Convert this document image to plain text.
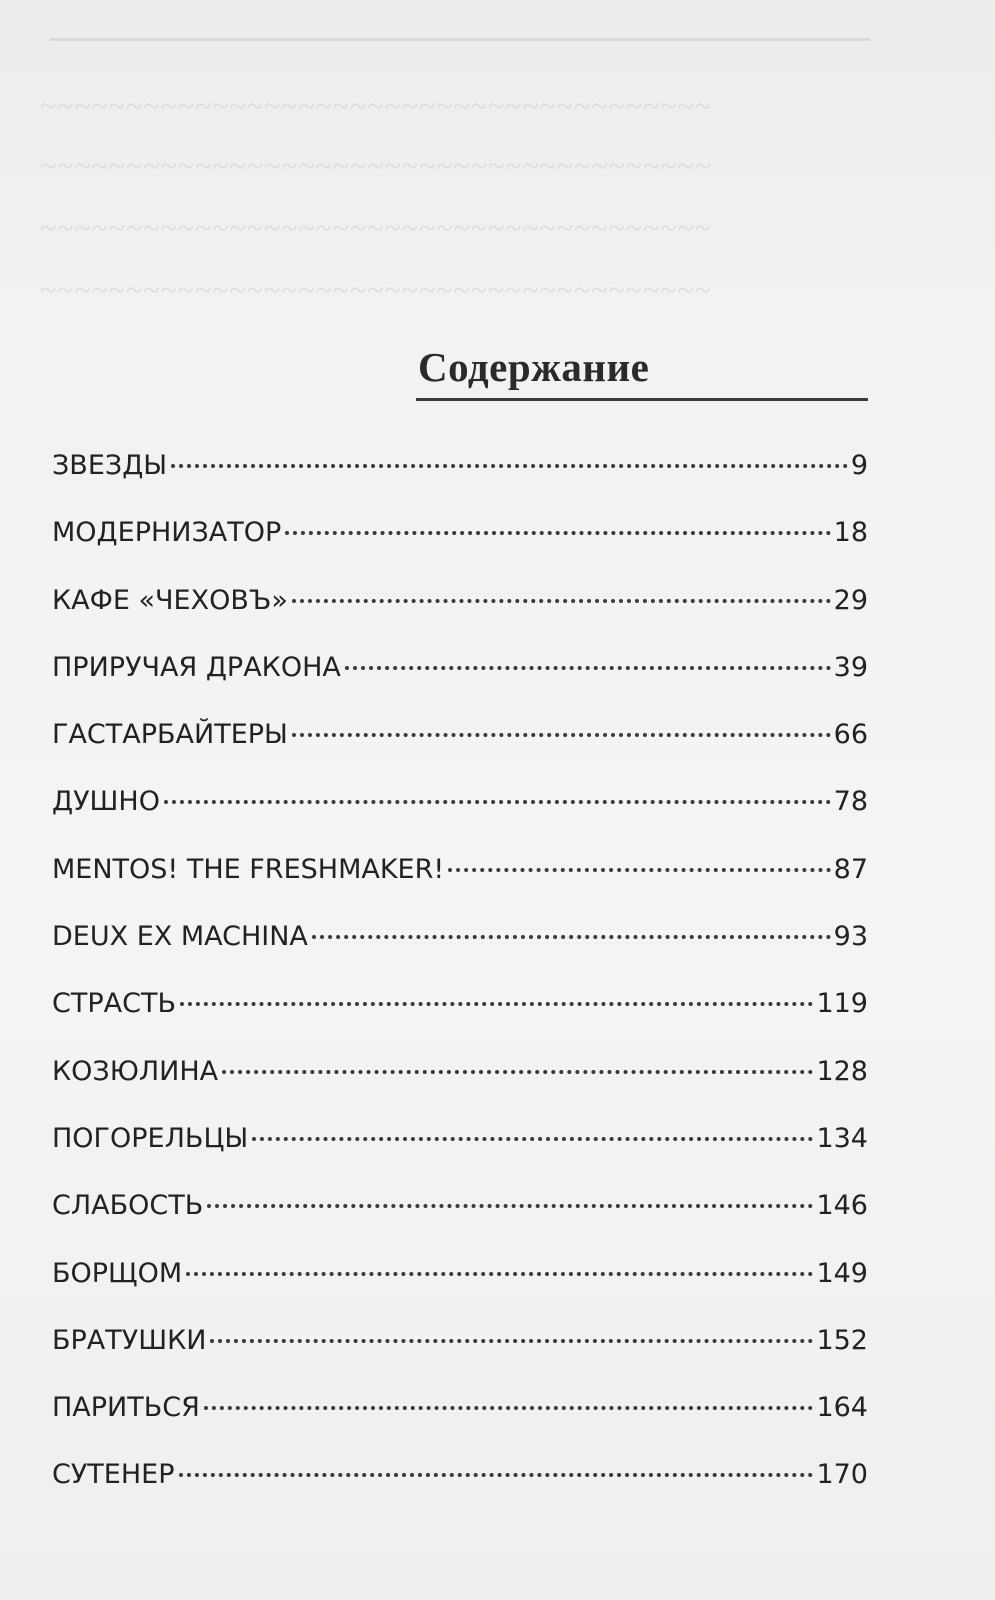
~~~~~~~~~~~~~~~~~~~~~~~~~~~~~~~~~~~~~~~
~~~~~~~~~~~~~~~~~~~~~~~~~~~~~~~~~~~~~~~
~~~~~~~~~~~~~~~~~~~~~~~~~~~~~~~~~~~~~~~
~~~~~~~~~~~~~~~~~~~~~~~~~~~~~~~~~~~~~~~
Содержание
ЗВЕЗДЫ	9
МОДЕРНИЗАТОР	18
КАФЕ «ЧЕХОВЪ»	29
ПРИРУЧАЯ ДРАКОНА	39
ГАСТАРБАЙТЕРЫ	66
ДУШНО	78
MENTOS! THE FRESHMAKER!	87
DEUX EX MACHINA	93
СТРАСТЬ	119
КОЗЮЛИНА	128
ПОГОРЕЛЬЦЫ	134
СЛАБОСТЬ	146
БОРЩОМ	149
БРАТУШКИ	152
ПАРИТЬСЯ	164
СУТЕНЕР	170
